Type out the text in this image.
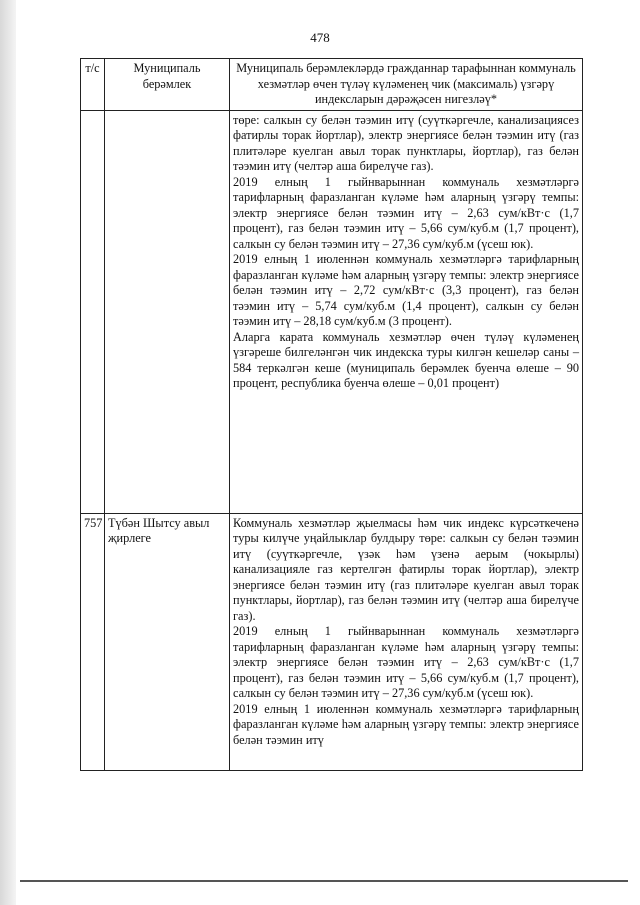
478
т/с	Муниципаль берәмлек	Муниципаль берәмлекләрдә гражданнар тарафыннан коммуналь хезмәтләр өчен түләү күләменең чик (максималь) үзгәрү индексларын дәрәҗәсен нигезләү*

		төре: салкын су белән тәэмин итү (суүткәргечле, канализациясез фатирлы торак йортлар), электр энергиясе белән тәэмин итү (газ плитәләре куелган авыл торак пунктлары, йортлар), газ белән тәэмин итү (челтәр аша бирелүче газ).

2019 елның 1 гыйнварыннан коммуналь хезмәтләргә тарифларның фаразланган күләме һәм аларның үзгәрү темпы: электр энергиясе белән тәэмин итү – 2,63 сум/кВт·с (1,7 процент), газ белән тәэмин итү – 5,66 сум/куб.м (1,7 процент), салкын су белән тәэмин итү – 27,36 сум/куб.м (үсеш юк).

2019 елның 1 июленнән коммуналь хезмәтләргә тарифларның фаразланган күләме һәм аларның үзгәрү темпы: электр энергиясе белән тәэмин итү – 2,72 сум/кВт·с (3,3 процент), газ белән тәэмин итү – 5,74 сум/куб.м (1,4 процент), салкын су белән тәэмин итү – 28,18 сум/куб.м (3 процент).

Аларга карата коммуналь хезмәтләр өчен түләү күләменең үзгәреше билгеләнгән чик индекска туры килгән кешеләр саны – 584 теркәлгән кеше (муниципаль берәмлек буенча өлеше – 90 процент, республика буенча өлеше – 0,01 процент)

757	Түбән Шытсу авыл җирлеге	Коммуналь хезмәтләр җыелмасы һәм чик индекс күрсәткеченә туры килүче уңайлыклар булдыру төре: салкын су белән тәэмин итү (суүткәргечле, үзәк һәм үзенә аерым (чокырлы) канализацияле газ кертелгән фатирлы торак йортлар), электр энергиясе белән тәэмин итү (газ плитәләре куелган авыл торак пунктлары, йортлар), газ белән тәэмин итү (челтәр аша бирелүче газ).

2019 елның 1 гыйнварыннан коммуналь хезмәтләргә тарифларның фаразланган күләме һәм аларның үзгәрү темпы: электр энергиясе белән тәэмин итү – 2,63 сум/кВт·с (1,7 процент), газ белән тәэмин итү – 5,66 сум/куб.м (1,7 процент), салкын су белән тәэмин итү – 27,36 сум/куб.м (үсеш юк).

2019 елның 1 июленнән коммуналь хезмәтләргә тарифларның фаразланган күләме һәм аларның үзгәрү темпы: электр энергиясе белән тәэмин итү
